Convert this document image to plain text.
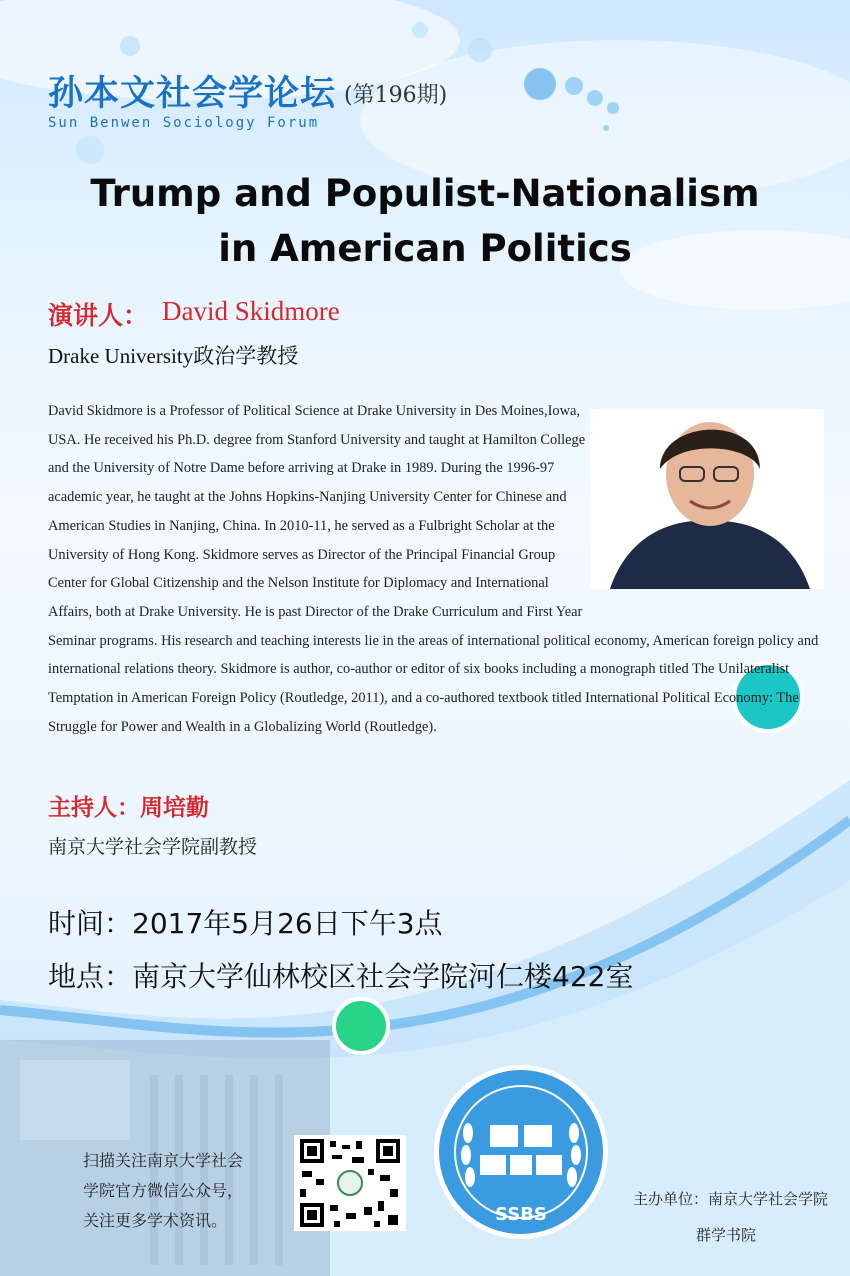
孙本文社会学论坛 (第196期)
Sun Benwen Sociology Forum
Trump and Populist-Nationalism
in American Politics
演讲人： David Skidmore
Drake University政治学教授
David Skidmore is a Professor of Political Science at Drake University in Des Moines,Iowa, USA. He received his Ph.D. degree from Stanford University and taught at Hamilton College and the University of Notre Dame before arriving at Drake in 1989. During the 1996-97 academic year, he taught at the Johns Hopkins-Nanjing University Center for Chinese and American Studies in Nanjing, China. In 2010-11, he served as a Fulbright Scholar at the University of Hong Kong. Skidmore serves as Director of the Principal Financial Group Center for Global Citizenship and the Nelson Institute for Diplomacy and International Affairs, both at Drake University. He is past Director of the Drake Curriculum and First Year Seminar programs. His research and teaching interests lie in the areas of international political economy, American foreign policy and international relations theory. Skidmore is author, co-author or editor of six books including a monograph titled The Unilateralist Temptation in American Foreign Policy (Routledge, 2011), and a co-authored textbook titled International Political Economy: The Struggle for Power and Wealth in a Globalizing World (Routledge).
主持人：周培勤
南京大学社会学院副教授
时间：2017年5月26日下午3点
地点：南京大学仙林校区社会学院河仁楼422室
扫描关注南京大学社会
学院官方微信公众号，
关注更多学术资讯。	SSBS
主办单位：南京大学社会学院
群学书院
